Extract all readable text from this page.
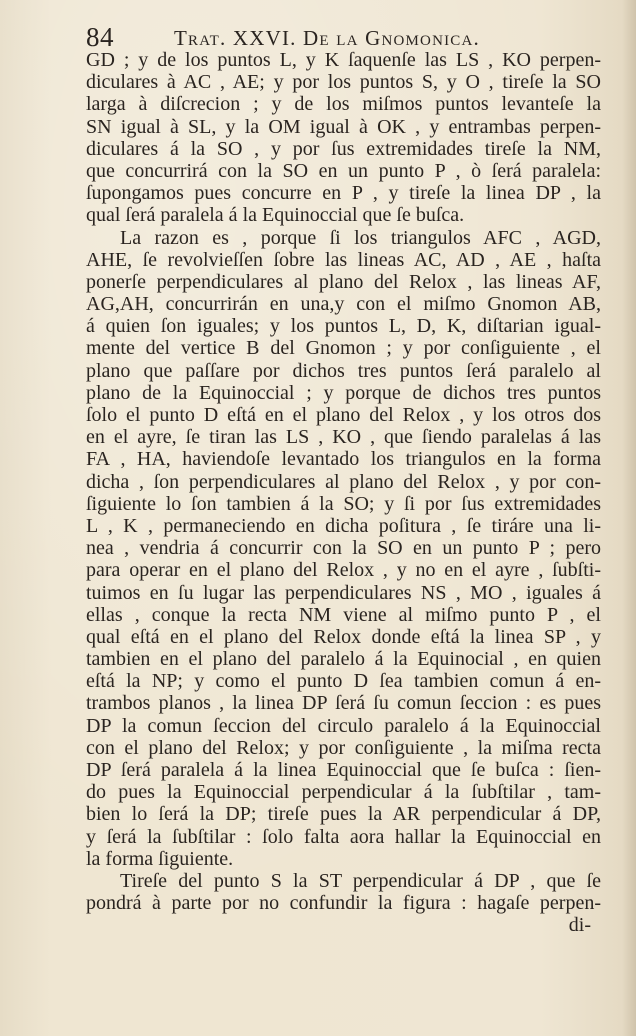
84	Trat. XXVI. De la Gnomonica.
GD ; y de los puntos L, y K ſaquenſe las LS , KO perpen-
diculares à AC , AE; y por los puntos S, y O , tireſe la SO
larga à diſcrecion ; y de los miſmos puntos levanteſe la
SN igual à SL, y la OM igual à OK , y entrambas perpen-
diculares á la SO , y por ſus extremidades tireſe la NM,
que concurrirá con la SO en un punto P , ò ſerá paralela:
ſupongamos pues concurre en P , y tireſe la linea DP , la
qual ſerá paralela á la Equinoccial que ſe buſca.
La razon es , porque ſi los triangulos AFC , AGD,
AHE, ſe revolvieſſen ſobre las lineas AC, AD , AE , haſta
ponerſe perpendiculares al plano del Relox , las lineas AF,
AG,AH, concurrirán en una,y con el miſmo Gnomon AB,
á quien ſon iguales; y los puntos L, D, K, diſtarian igual-
mente del vertice B del Gnomon ; y por conſiguiente , el
plano que paſſare por dichos tres puntos ſerá paralelo al
plano de la Equinoccial ; y porque de dichos tres puntos
ſolo el punto D eſtá en el plano del Relox , y los otros dos
en el ayre, ſe tiran las LS , KO , que ſiendo paralelas á las
FA , HA, haviendoſe levantado los triangulos en la forma
dicha , ſon perpendiculares al plano del Relox , y por con-
ſiguiente lo ſon tambien á la SO; y ſi por ſus extremidades
L , K , permaneciendo en dicha poſitura , ſe tiráre una li-
nea , vendria á concurrir con la SO en un punto P ; pero
para operar en el plano del Relox , y no en el ayre , ſubſti-
tuimos en ſu lugar las perpendiculares NS , MO , iguales á
ellas , conque la recta NM viene al miſmo punto P , el
qual eſtá en el plano del Relox donde eſtá la linea SP , y
tambien en el plano del paralelo á la Equinocial , en quien
eſtá la NP; y como el punto D ſea tambien comun á en-
trambos planos , la linea DP ſerá ſu comun ſeccion : es pues
DP la comun ſeccion del circulo paralelo á la Equinoccial
con el plano del Relox; y por conſiguiente , la miſma recta
DP ſerá paralela á la linea Equinoccial que ſe buſca : ſien-
do pues la Equinoccial perpendicular á la ſubſtilar , tam-
bien lo ſerá la DP; tireſe pues la AR perpendicular á DP,
y ſerá la ſubſtilar : ſolo falta aora hallar la Equinoccial en
la forma ſiguiente.
Tireſe del punto S la ST perpendicular á DP , que ſe
pondrá à parte por no confundir la figura : hagaſe perpen-
di-
